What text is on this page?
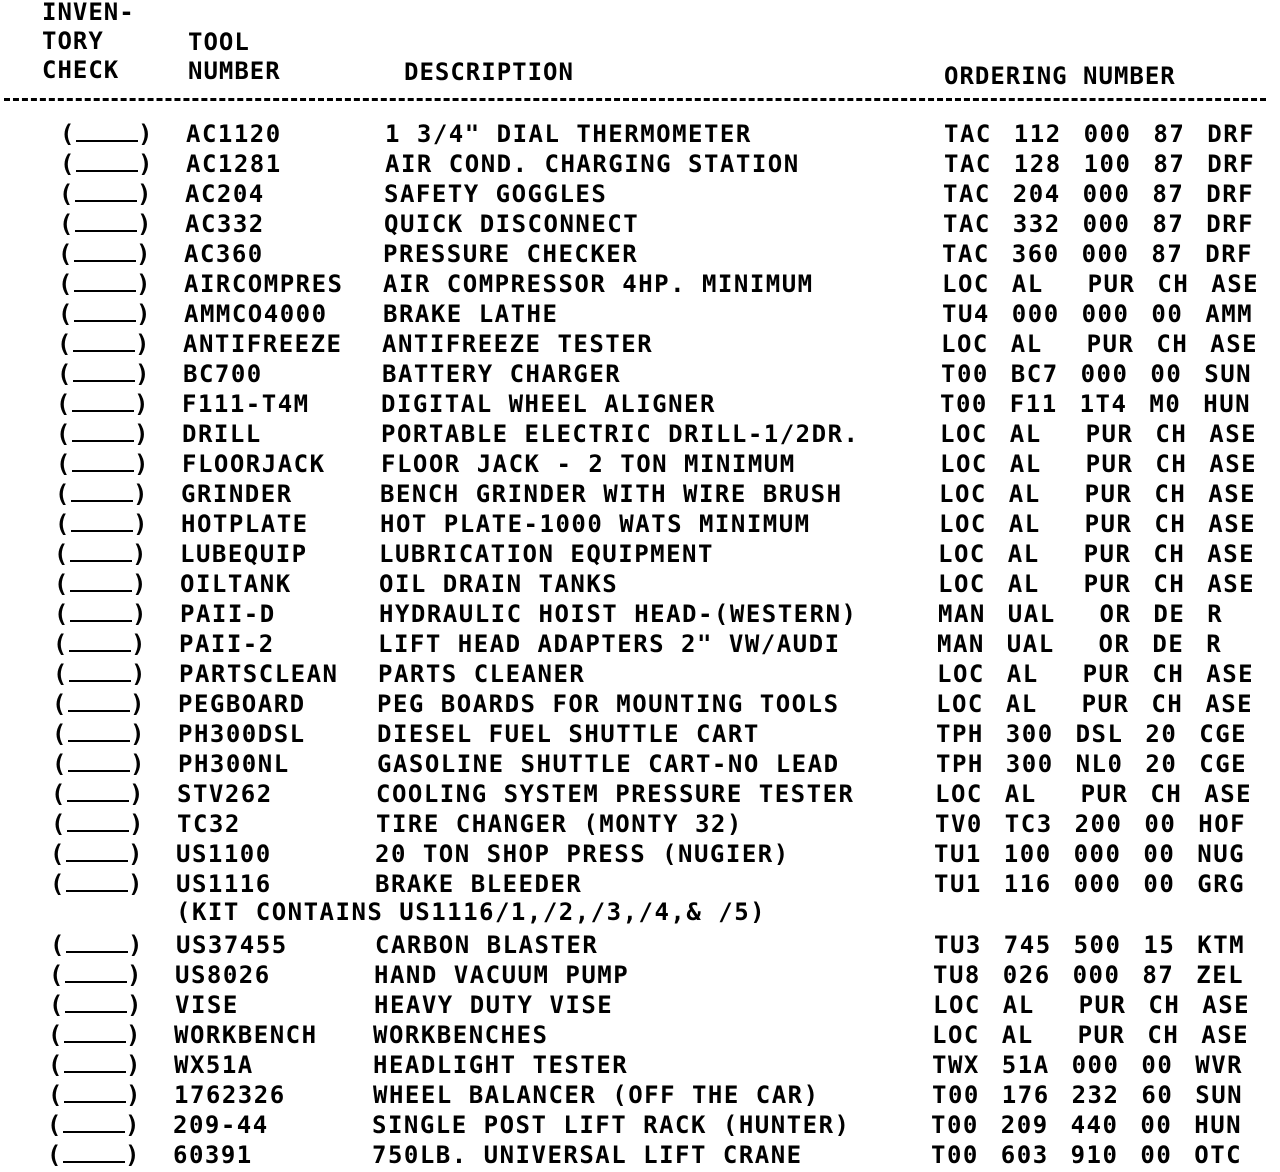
INVEN-
TORY
CHECK
TOOL
NUMBER	DESCRIPTION	ORDERING NUMBER
(	) AC1120	1 3/4" DIAL THERMOMETER	TAC 112 000 87 DRF
(	) AC1281	AIR COND. CHARGING STATION	TAC 128 100 87 DRF
(	) AC204	SAFETY GOGGLES	TAC 204 000 87 DRF
(	) AC332	QUICK DISCONNECT	TAC 332 000 87 DRF
(	) AC360	PRESSURE CHECKER	TAC 360 000 87 DRF
(	) AIRCOMPRES	AIR COMPRESSOR 4HP. MINIMUM	LOC AL  PUR CH ASE
(	) AMMCO4000	BRAKE LATHE	TU4 000 000 00 AMM
(	) ANTIFREEZE	ANTIFREEZE TESTER	LOC AL  PUR CH ASE
(	) BC700	BATTERY CHARGER	T00 BC7 000 00 SUN
(	) F111-T4M	DIGITAL WHEEL ALIGNER	T00 F11 1T4 M0 HUN
(	) DRILL	PORTABLE ELECTRIC DRILL-1/2DR.	LOC AL  PUR CH ASE
(	) FLOORJACK	FLOOR JACK - 2 TON MINIMUM	LOC AL  PUR CH ASE
(	) GRINDER	BENCH GRINDER WITH WIRE BRUSH	LOC AL  PUR CH ASE
(	) HOTPLATE	HOT PLATE-1000 WATS MINIMUM	LOC AL  PUR CH ASE
(	) LUBEQUIP	LUBRICATION EQUIPMENT	LOC AL  PUR CH ASE
(	) OILTANK	OIL DRAIN TANKS	LOC AL  PUR CH ASE
(	) PAII-D	HYDRAULIC HOIST HEAD-(WESTERN)	MAN UAL  OR DE R
(	) PAII-2	LIFT HEAD ADAPTERS 2" VW/AUDI	MAN UAL  OR DE R
(	) PARTSCLEAN	PARTS CLEANER	LOC AL  PUR CH ASE
(	) PEGBOARD	PEG BOARDS FOR MOUNTING TOOLS	LOC AL  PUR CH ASE
(	) PH300DSL	DIESEL FUEL SHUTTLE CART	TPH 300 DSL 20 CGE
(	) PH300NL	GASOLINE SHUTTLE CART-NO LEAD	TPH 300 NL0 20 CGE
(	) STV262	COOLING SYSTEM PRESSURE TESTER	LOC AL  PUR CH ASE
(	) TC32	TIRE CHANGER (MONTY 32)	TV0 TC3 200 00 HOF
(	) US1100	20 TON SHOP PRESS (NUGIER)	TU1 100 000 00 NUG
(	) US1116	BRAKE BLEEDER	TU1 116 000 00 GRG
(	) US37455	CARBON BLASTER	TU3 745 500 15 KTM
(	) US8026	HAND VACUUM PUMP	TU8 026 000 87 ZEL
(	) VISE	HEAVY DUTY VISE	LOC AL  PUR CH ASE
(	) WORKBENCH	WORKBENCHES	LOC AL  PUR CH ASE
(	) WX51A	HEADLIGHT TESTER	TWX 51A 000 00 WVR
(	) 1762326	WHEEL BALANCER (OFF THE CAR)	T00 176 232 60 SUN
(	) 209-44	SINGLE POST LIFT RACK (HUNTER)	T00 209 440 00 HUN
(	) 60391	750LB. UNIVERSAL LIFT CRANE	T00 603 910 00 OTC
(KIT CONTAINS US1116/1,/2,/3,/4,& /5)
